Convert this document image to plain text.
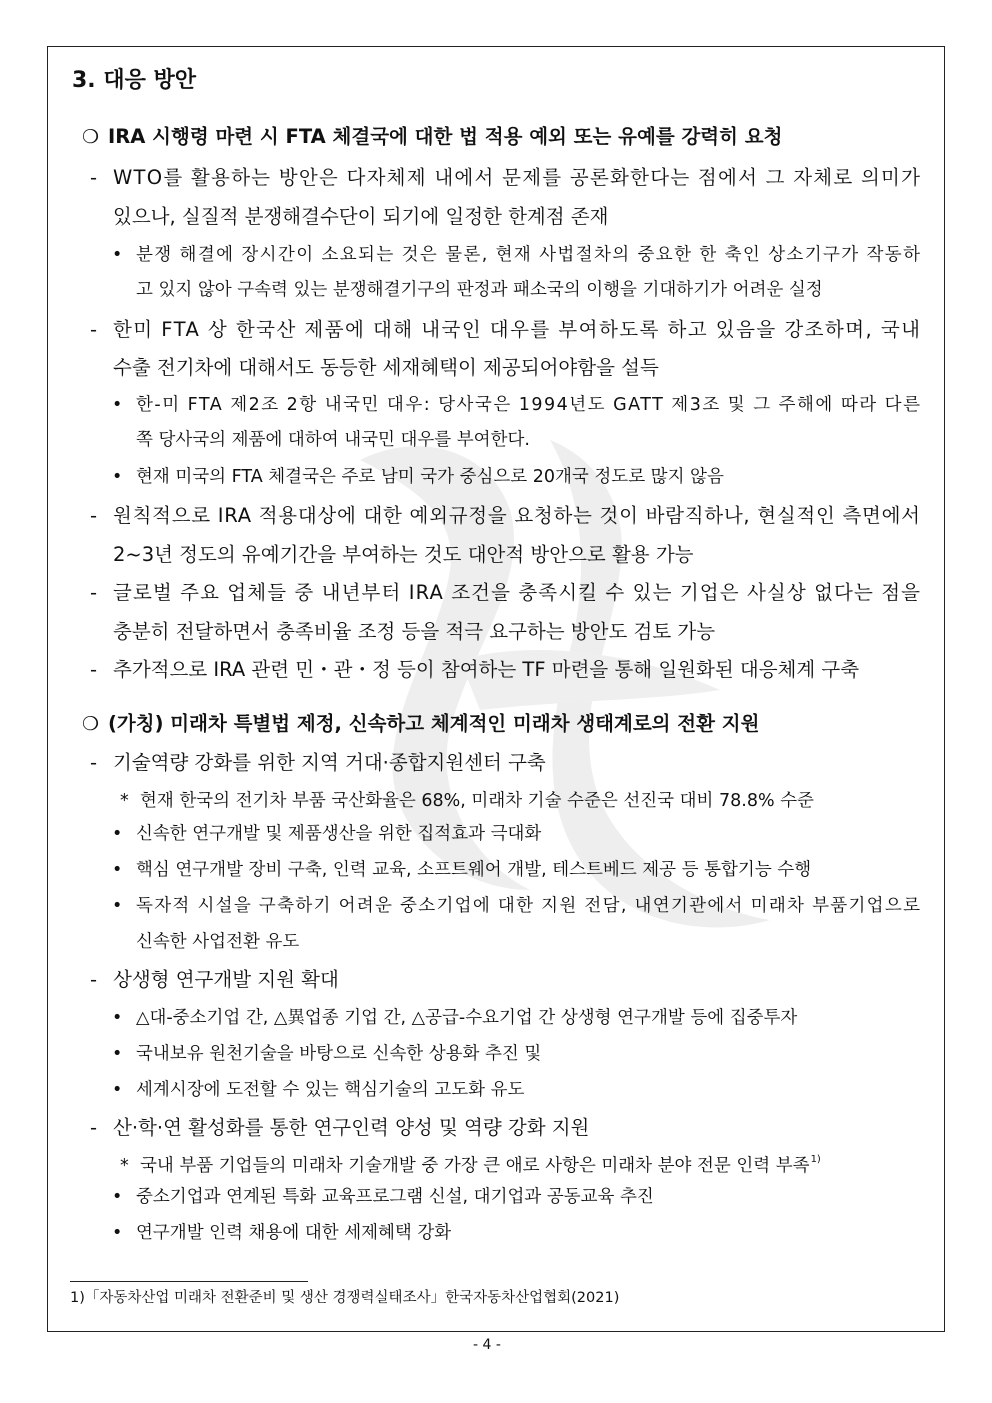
3. 대응 방안
❍ IRA 시행령 마련 시 FTA 체결국에 대한 법 적용 예외 또는 유예를 강력히 요청
- WTO를 활용하는 방안은 다자체제 내에서 문제를 공론화한다는 점에서 그 자체로 의미가
있으나, 실질적 분쟁해결수단이 되기에 일정한 한계점 존재
• 분쟁 해결에 장시간이 소요되는 것은 물론, 현재 사법절차의 중요한 한 축인 상소기구가 작동하
고 있지 않아 구속력 있는 분쟁해결기구의 판정과 패소국의 이행을 기대하기가 어려운 실정
- 한미 FTA 상 한국산 제품에 대해 내국인 대우를 부여하도록 하고 있음을 강조하며, 국내
수출 전기차에 대해서도 동등한 세재혜택이 제공되어야함을 설득
• 한-미 FTA 제2조 2항 내국민 대우: 당사국은 1994년도 GATT 제3조 및 그 주해에 따라 다른
쪽 당사국의 제품에 대하여 내국민 대우를 부여한다.
• 현재 미국의 FTA 체결국은 주로 남미 국가 중심으로 20개국 정도로 많지 않음
- 원칙적으로 IRA 적용대상에 대한 예외규정을 요청하는 것이 바람직하나, 현실적인 측면에서
2~3년 정도의 유예기간을 부여하는 것도 대안적 방안으로 활용 가능
- 글로벌 주요 업체들 중 내년부터 IRA 조건을 충족시킬 수 있는 기업은 사실상 없다는 점을
충분히 전달하면서 충족비율 조정 등을 적극 요구하는 방안도 검토 가능
- 추가적으로 IRA 관련 민・관・정 등이 참여하는 TF 마련을 통해 일원화된 대응체계 구축
❍ (가칭) 미래차 특별법 제정, 신속하고 체계적인 미래차 생태계로의 전환 지원
- 기술역량 강화를 위한 지역 거대·종합지원센터 구축
* 현재 한국의 전기차 부품 국산화율은 68%, 미래차 기술 수준은 선진국 대비 78.8% 수준
• 신속한 연구개발 및 제품생산을 위한 집적효과 극대화
• 핵심 연구개발 장비 구축, 인력 교육, 소프트웨어 개발, 테스트베드 제공 등 통합기능 수행
• 독자적 시설을 구축하기 어려운 중소기업에 대한 지원 전담, 내연기관에서 미래차 부품기업으로
신속한 사업전환 유도
- 상생형 연구개발 지원 확대
• △대-중소기업 간, △異업종 기업 간, △공급-수요기업 간 상생형 연구개발 등에 집중투자
• 국내보유 원천기술을 바탕으로 신속한 상용화 추진 및
• 세계시장에 도전할 수 있는 핵심기술의 고도화 유도
- 산·학·연 활성화를 통한 연구인력 양성 및 역량 강화 지원
* 국내 부품 기업들의 미래차 기술개발 중 가장 큰 애로 사항은 미래차 분야 전문 인력 부족 1)
• 중소기업과 연계된 특화 교육프로그램 신설, 대기업과 공동교육 추진
• 연구개발 인력 채용에 대한 세제혜택 강화
1)「자동차산업 미래차 전환준비 및 생산 경쟁력실태조사」한국자동차산업협회(2021)
- 4 -
